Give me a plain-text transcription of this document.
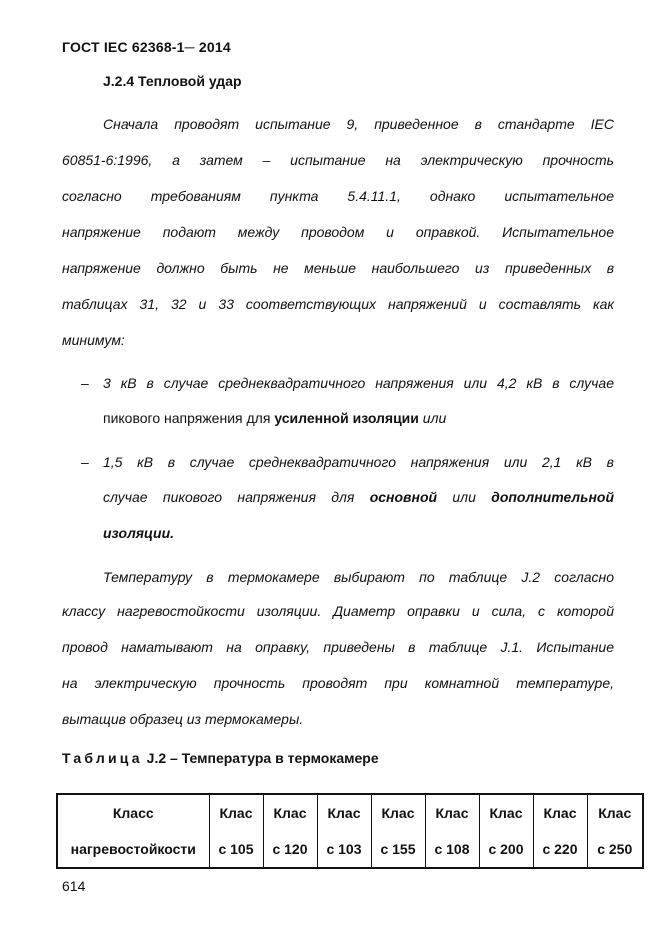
ГОСТ IEC 62368-1─ 2014
J.2.4 Тепловой удар
Сначала проводят испытание 9, приведенное в стандарте IEC
60851-6:1996, а затем – испытание на электрическую прочность
согласно требованиям пункта 5.4.11.1, однако испытательное
напряжение подают между проводом и оправкой. Испытательное
напряжение должно быть не меньше наибольшего из приведенных в
таблицах 31, 32 и 33 соответствующих напряжений и составлять как
минимум:
– 3 кВ в случае среднеквадратичного напряжения или 4,2 кВ в случае
пикового напряжения для усиленной изоляции или
– 1,5 кВ в случае среднеквадратичного напряжения или 2,1 кВ в
случае пикового напряжения для основной или дополнительной
изоляции.
Температуру в термокамере выбирают по таблице J.2 согласно
классу нагревостойкости изоляции. Диаметр оправки и сила, с которой
провод наматывают на оправку, приведены в таблице J.1. Испытание
на электрическую прочность проводят при комнатной температуре,
вытащив образец из термокамеры.
Таблица J.2 – Температура в термокамере
Класс	Клас	Клас	Клас	Клас	Клас	Клас	Клас	Клас
нагревостойкости	с 105	с 120	с 103	с 155	с 108	с 200	с 220	с 250
614
